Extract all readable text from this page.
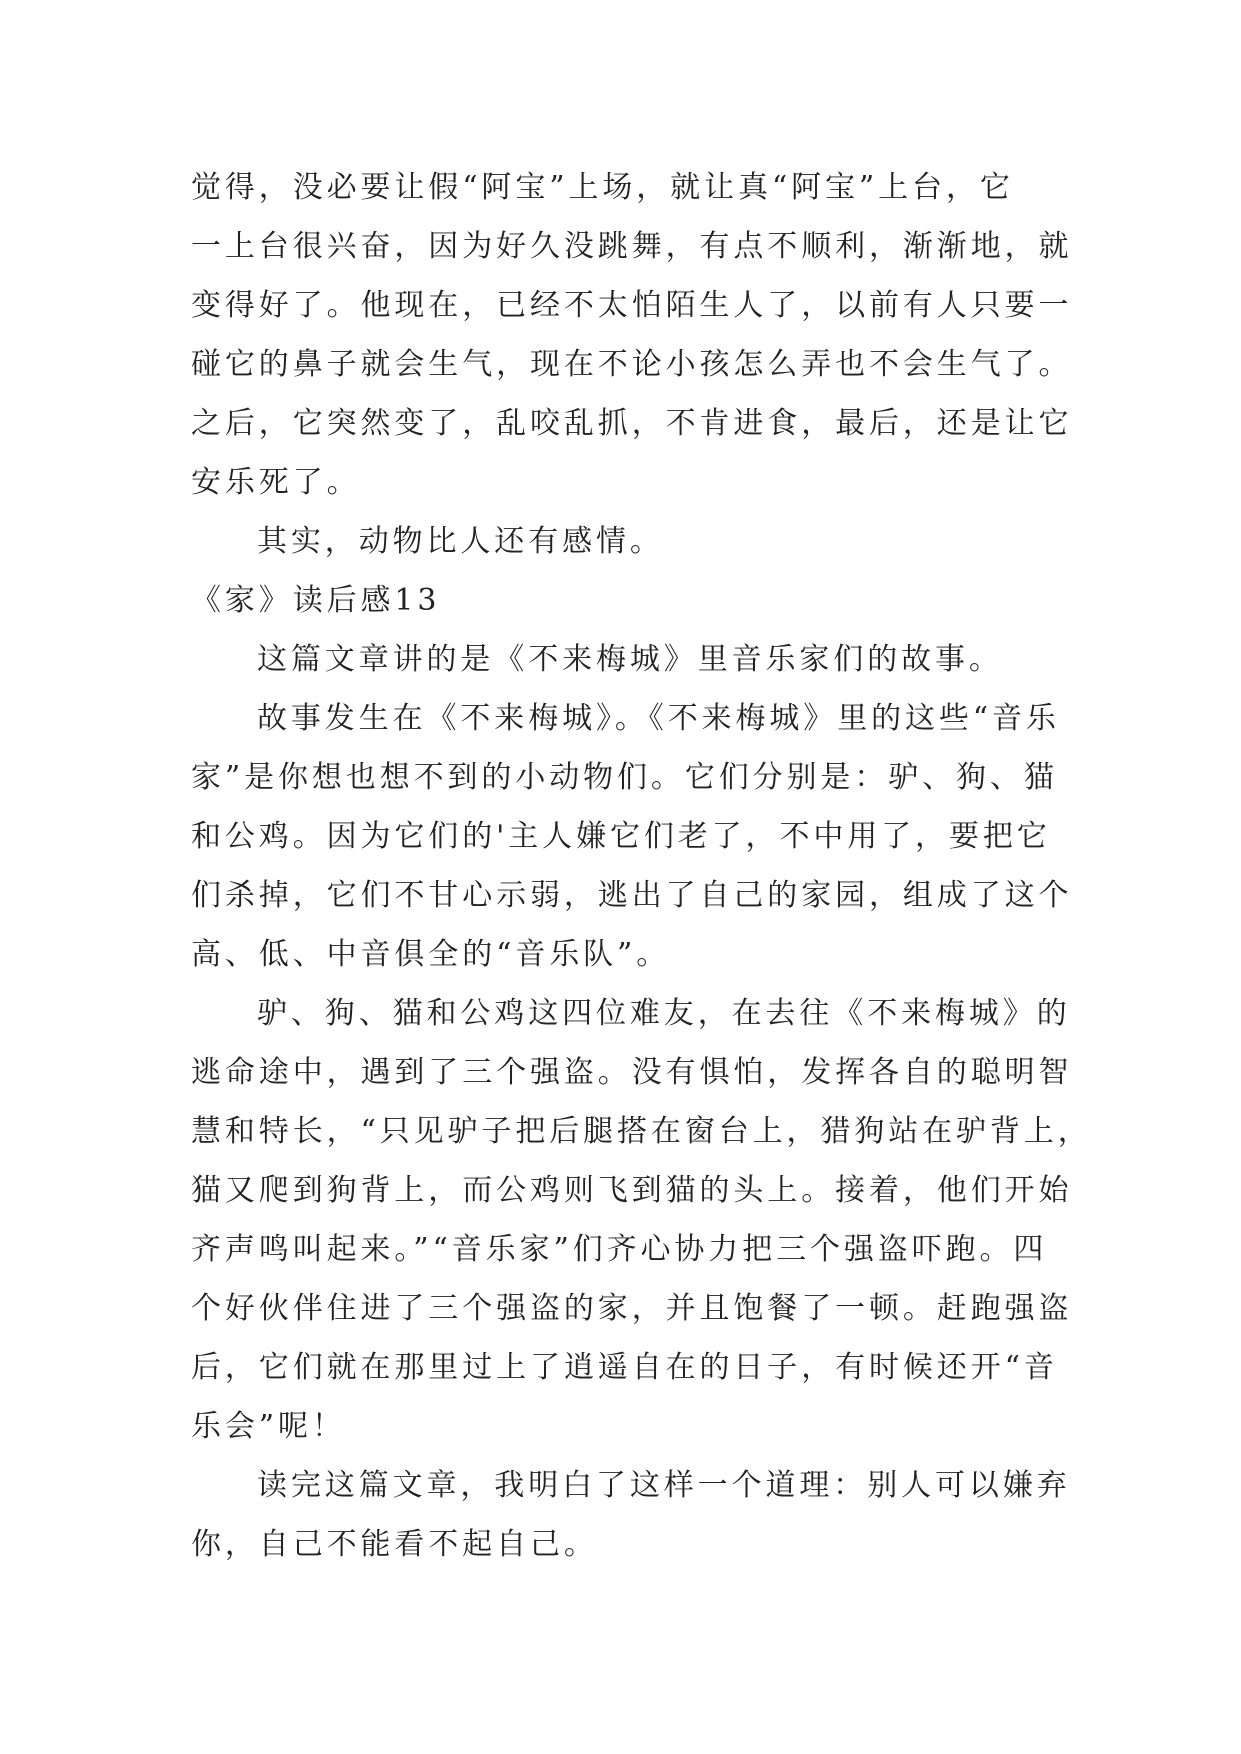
觉得，没必要让假“阿宝”上场，就让真“阿宝”上台，它
一上台很兴奋，因为好久没跳舞，有点不顺利，渐渐地，就
变得好了。他现在，已经不太怕陌生人了，以前有人只要一
碰它的鼻子就会生气，现在不论小孩怎么弄也不会生气了。
之后，它突然变了，乱咬乱抓，不肯进食，最后，还是让它
安乐死了。

其实，动物比人还有感情。

《家》读后感13

这篇文章讲的是《不来梅城》里音乐家们的故事。

故事发生在《不来梅城》。《不来梅城》里的这些“音乐
家”是你想也想不到的小动物们。它们分别是：驴、狗、猫
和公鸡。因为它们的'主人嫌它们老了，不中用了，要把它
们杀掉，它们不甘心示弱，逃出了自己的家园，组成了这个
高、低、中音俱全的“音乐队”。

驴、狗、猫和公鸡这四位难友，在去往《不来梅城》的
逃命途中，遇到了三个强盗。没有惧怕，发挥各自的聪明智
慧和特长，“只见驴子把后腿搭在窗台上，猎狗站在驴背上，
猫又爬到狗背上，而公鸡则飞到猫的头上。接着，他们开始
齐声鸣叫起来。”“音乐家”们齐心协力把三个强盗吓跑。四
个好伙伴住进了三个强盗的家，并且饱餐了一顿。赶跑强盗
后，它们就在那里过上了逍遥自在的日子，有时候还开“音
乐会”呢！

读完这篇文章，我明白了这样一个道理：别人可以嫌弃
你，自己不能看不起自己。
